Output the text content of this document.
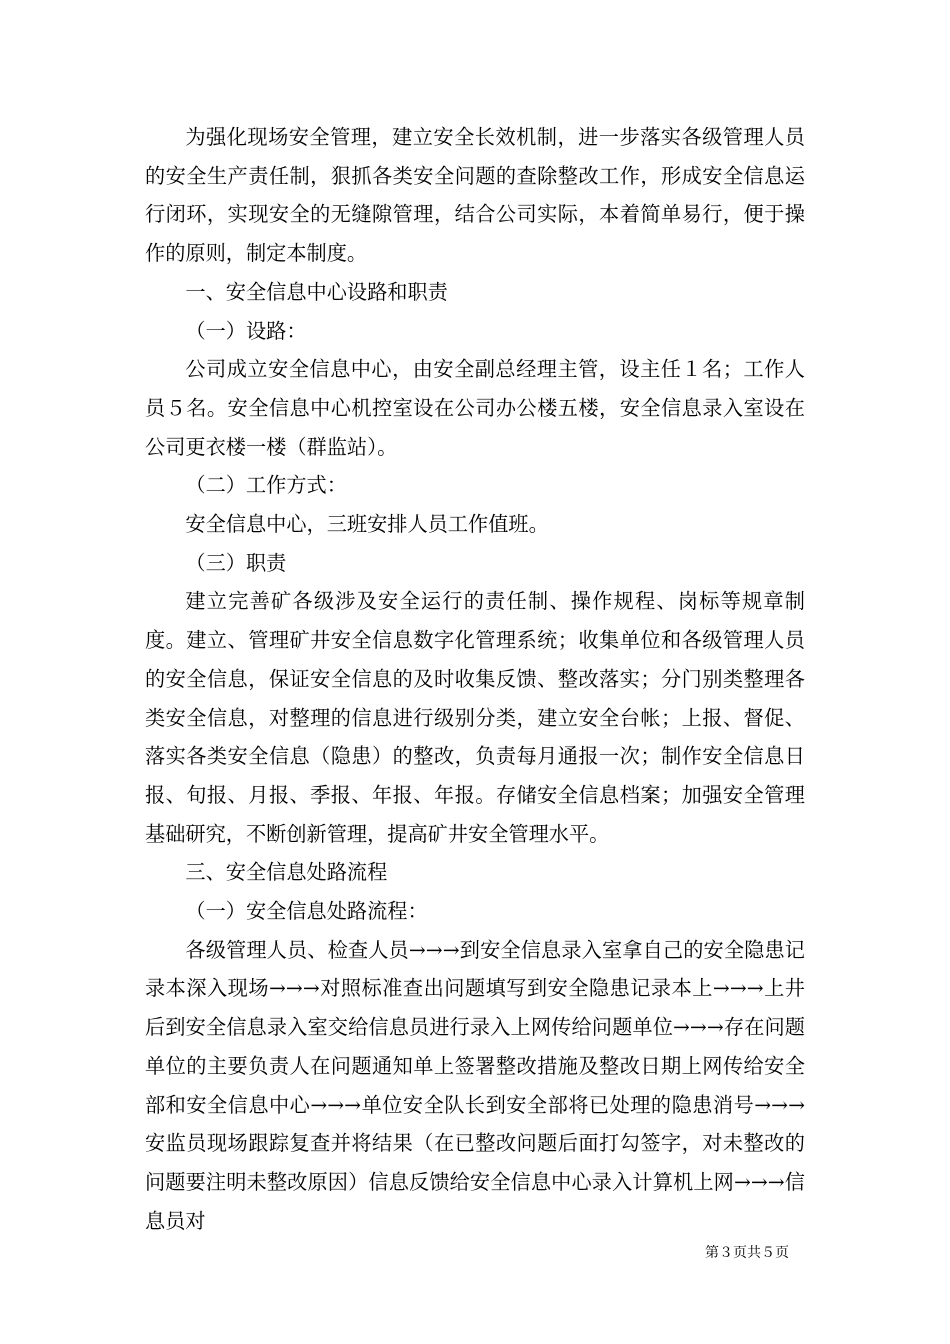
为强化现场安全管理，建立安全长效机制，进一步落实各级管理人员的安全生产责任制，狠抓各类安全问题的查除整改工作，形成安全信息运行闭环，实现安全的无缝隙管理，结合公司实际，本着简单易行，便于操作的原则，制定本制度。

一、安全信息中心设路和职责

（一）设路：

公司成立安全信息中心，由安全副总经理主管，设主任１名；工作人员５名。安全信息中心机控室设在公司办公楼五楼，安全信息录入室设在公司更衣楼一楼（群监站）。

（二）工作方式：

安全信息中心，三班安排人员工作值班。

（三）职责

建立完善矿各级涉及安全运行的责任制、操作规程、岗标等规章制度。建立、管理矿井安全信息数字化管理系统；收集单位和各级管理人员的安全信息，保证安全信息的及时收集反馈、整改落实；分门别类整理各类安全信息，对整理的信息进行级别分类，建立安全台帐；上报、督促、落实各类安全信息（隐患）的整改，负责每月通报一次；制作安全信息日报、旬报、月报、季报、年报、年报。存储安全信息档案；加强安全管理基础研究，不断创新管理，提高矿井安全管理水平。

三、安全信息处路流程

（一）安全信息处路流程：

各级管理人员、检查人员→→→到安全信息录入室拿自己的安全隐患记录本深入现场→→→对照标准查出问题填写到安全隐患记录本上→→→上井后到安全信息录入室交给信息员进行录入上网传给问题单位→→→存在问题单位的主要负责人在问题通知单上签署整改措施及整改日期上网传给安全部和安全信息中心→→→单位安全队长到安全部将已处理的隐患消号→→→安监员现场跟踪复查并将结果（在已整改问题后面打勾签字，对未整改的问题要注明未整改原因）信息反馈给安全信息中心录入计算机上网→→→信息员对

第３页共５页
